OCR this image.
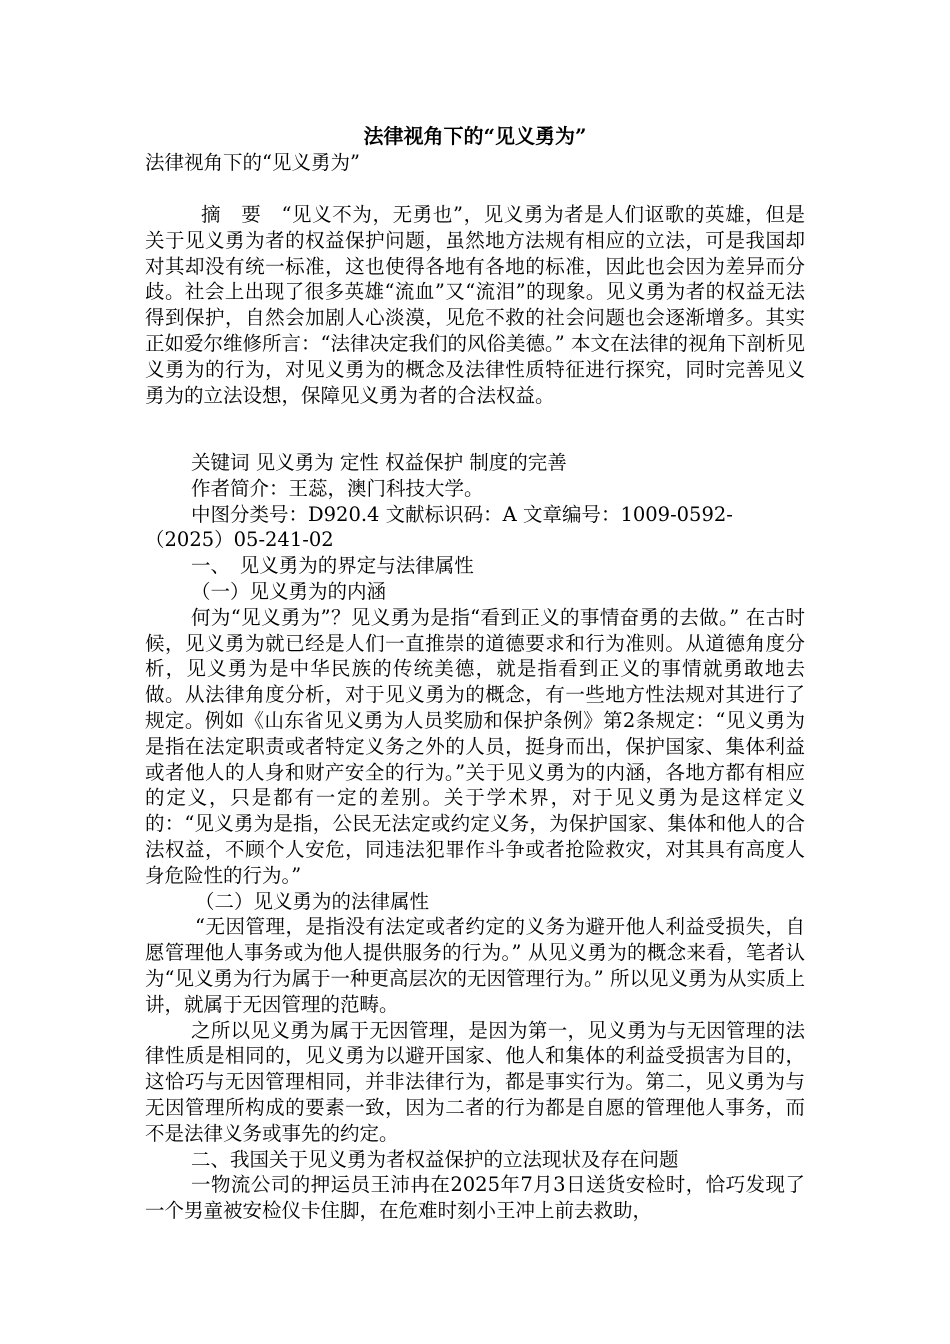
法律视角下的“见义勇为”
法律视角下的“见义勇为”
摘　要　“见义不为，无勇也”，见义勇为者是人们讴歌的英雄，但是关于见义勇为者的权益保护问题，虽然地方法规有相应的立法，可是我国却对其却没有统一标准，这也使得各地有各地的标准，因此也会因为差异而分歧。社会上出现了很多英雄“流血”又“流泪”的现象。见义勇为者的权益无法得到保护，自然会加剧人心淡漠，见危不救的社会问题也会逐渐增多。其实正如爱尔维修所言：“法律决定我们的风俗美德。” 本文在法律的视角下剖析见义勇为的行为，对见义勇为的概念及法律性质特征进行探究，同时完善见义勇为的立法设想，保障见义勇为者的合法权益。

关键词 见义勇为 定性 权益保护 制度的完善

作者简介：王蕊，澳门科技大学。

中图分类号：D920.4 文献标识码：A 文章编号：1009-0592-

（2025）05-241-02

一、　见义勇为的界定与法律属性

（一）见义勇为的内涵

何为“见义勇为”？见义勇为是指“看到正义的事情奋勇的去做。” 在古时候，见义勇为就已经是人们一直推崇的道德要求和行为准则。从道德角度分析，见义勇为是中华民族的传统美德，就是指看到正义的事情就勇敢地去做。从法律角度分析，对于见义勇为的概念，有一些地方性法规对其进行了规定。例如《山东省见义勇为人员奖励和保护条例》第2条规定：“见义勇为是指在法定职责或者特定义务之外的人员，挺身而出，保护国家、集体利益或者他人的人身和财产安全的行为。”关于见义勇为的内涵，各地方都有相应的定义，只是都有一定的差别。关于学术界，对于见义勇为是这样定义的：“见义勇为是指，公民无法定或约定义务，为保护国家、集体和他人的合法权益，不顾个人安危，同违法犯罪作斗争或者抢险救灾，对其具有高度人身危险性的行为。”

（二）见义勇为的法律属性

“无因管理，是指没有法定或者约定的义务为避开他人利益受损失，自愿管理他人事务或为他人提供服务的行为。” 从见义勇为的概念来看，笔者认为“见义勇为行为属于一种更高层次的无因管理行为。” 所以见义勇为从实质上讲，就属于无因管理的范畴。

之所以见义勇为属于无因管理，是因为第一，见义勇为与无因管理的法律性质是相同的，见义勇为以避开国家、他人和集体的利益受损害为目的，这恰巧与无因管理相同，并非法律行为，都是事实行为。第二，见义勇为与无因管理所构成的要素一致，因为二者的行为都是自愿的管理他人事务，而不是法律义务或事先的约定。

二、我国关于见义勇为者权益保护的立法现状及存在问题

一物流公司的押运员王沛冉在2025年7月3日送货安检时，恰巧发现了一个男童被安检仪卡住脚，在危难时刻小王冲上前去救助，
